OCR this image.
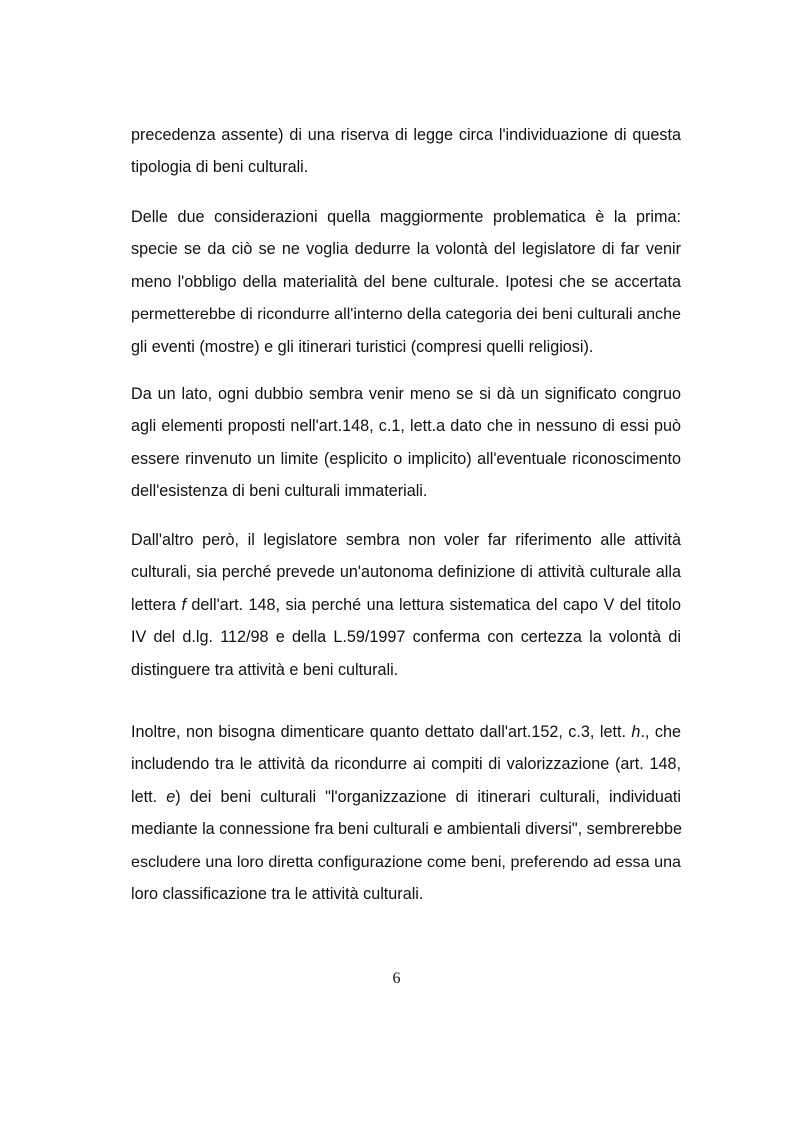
precedenza assente) di una riserva di legge circa l'individuazione di questa
tipologia di beni culturali.
Delle due considerazioni quella maggiormente problematica è la prima:
specie se da ciò se ne voglia dedurre la volontà del legislatore di far venir
meno l'obbligo della materialità del bene culturale. Ipotesi che se accertata
permetterebbe di ricondurre all'interno della categoria dei beni culturali anche
gli eventi (mostre) e gli itinerari turistici (compresi quelli religiosi).
Da un lato, ogni dubbio sembra venir meno se si dà un significato congruo
agli elementi proposti nell'art.148, c.1, lett.a dato che in nessuno di essi può
essere rinvenuto un limite (esplicito o implicito) all'eventuale riconoscimento
dell'esistenza di beni culturali immateriali.
Dall'altro però, il legislatore sembra non voler far riferimento alle attività
culturali, sia perché prevede un'autonoma definizione di attività culturale alla
lettera f dell'art. 148, sia perché una lettura sistematica del capo V del titolo
IV del d.lg. 112/98 e della L.59/1997 conferma con certezza la volontà di
distinguere tra attività e beni culturali.
Inoltre, non bisogna dimenticare quanto dettato dall'art.152, c.3, lett. h., che
includendo tra le attività da ricondurre ai compiti di valorizzazione (art. 148,
lett. e) dei beni culturali "l'organizzazione di itinerari culturali, individuati
mediante la connessione fra beni culturali e ambientali diversi", sembrerebbe
escludere una loro diretta configurazione come beni, preferendo ad essa una
loro classificazione tra le attività culturali.
6
